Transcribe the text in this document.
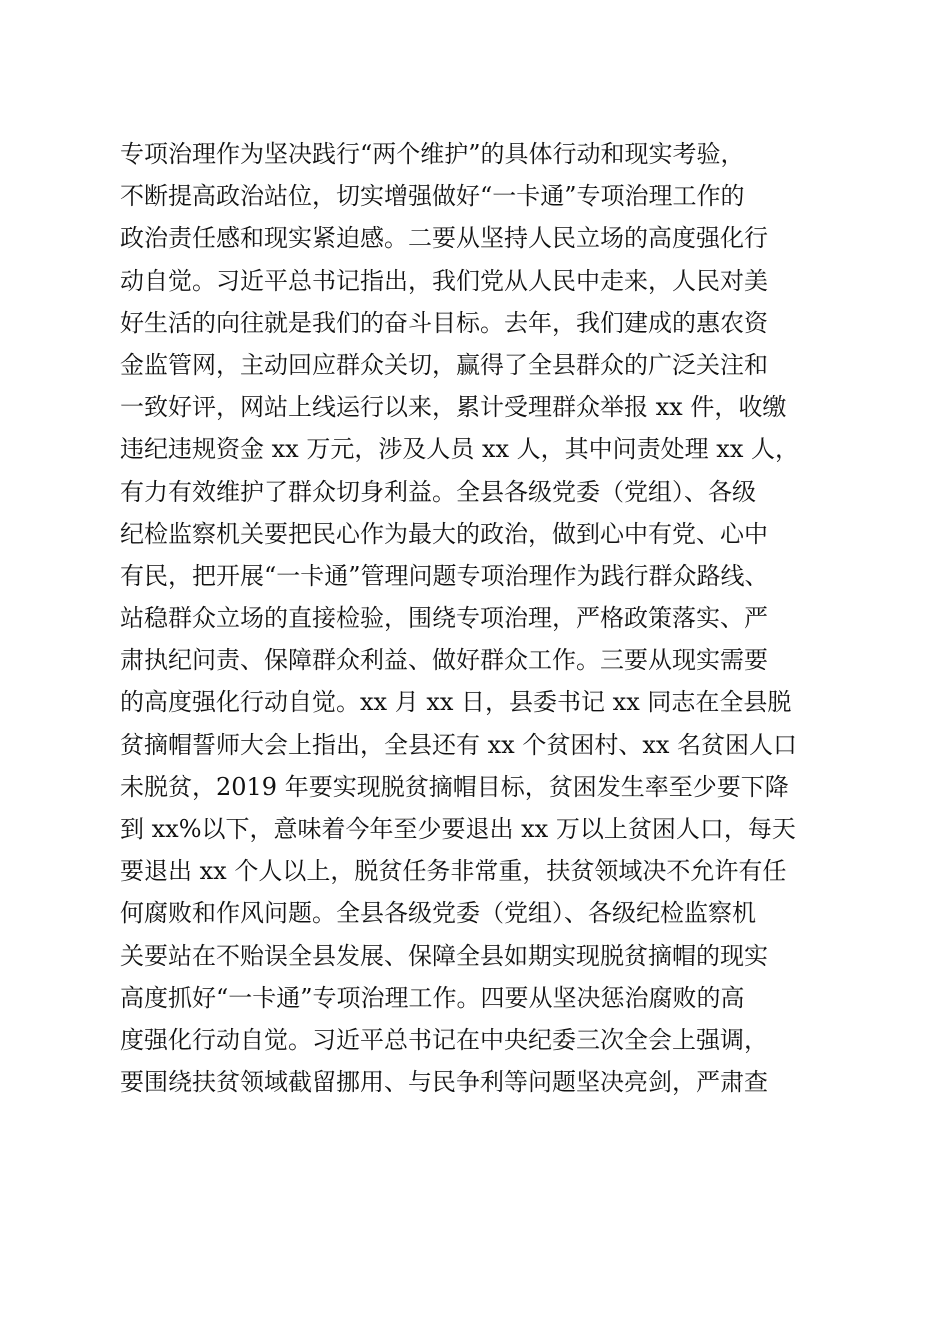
专项治理作为坚决践行“两个维护”的具体行动和现实考验，
不断提高政治站位，切实增强做好“一卡通”专项治理工作的
政治责任感和现实紧迫感。二要从坚持人民立场的高度强化行
动自觉。习近平总书记指出，我们党从人民中走来，人民对美
好生活的向往就是我们的奋斗目标。去年，我们建成的惠农资
金监管网，主动回应群众关切，赢得了全县群众的广泛关注和
一致好评，网站上线运行以来，累计受理群众举报 xx 件，收缴
违纪违规资金 xx 万元，涉及人员 xx 人，其中问责处理 xx 人，
有力有效维护了群众切身利益。全县各级党委（党组）、各级
纪检监察机关要把民心作为最大的政治，做到心中有党、心中
有民，把开展“一卡通”管理问题专项治理作为践行群众路线、
站稳群众立场的直接检验，围绕专项治理，严格政策落实、严
肃执纪问责、保障群众利益、做好群众工作。三要从现实需要
的高度强化行动自觉。xx 月 xx 日，县委书记 xx 同志在全县脱
贫摘帽誓师大会上指出，全县还有 xx 个贫困村、xx 名贫困人口
未脱贫，2019 年要实现脱贫摘帽目标，贫困发生率至少要下降
到 xx%以下，意味着今年至少要退出 xx 万以上贫困人口，每天
要退出 xx 个人以上，脱贫任务非常重，扶贫领域决不允许有任
何腐败和作风问题。全县各级党委（党组）、各级纪检监察机
关要站在不贻误全县发展、保障全县如期实现脱贫摘帽的现实
高度抓好“一卡通”专项治理工作。四要从坚决惩治腐败的高
度强化行动自觉。习近平总书记在中央纪委三次全会上强调，
要围绕扶贫领域截留挪用、与民争利等问题坚决亮剑，严肃查
